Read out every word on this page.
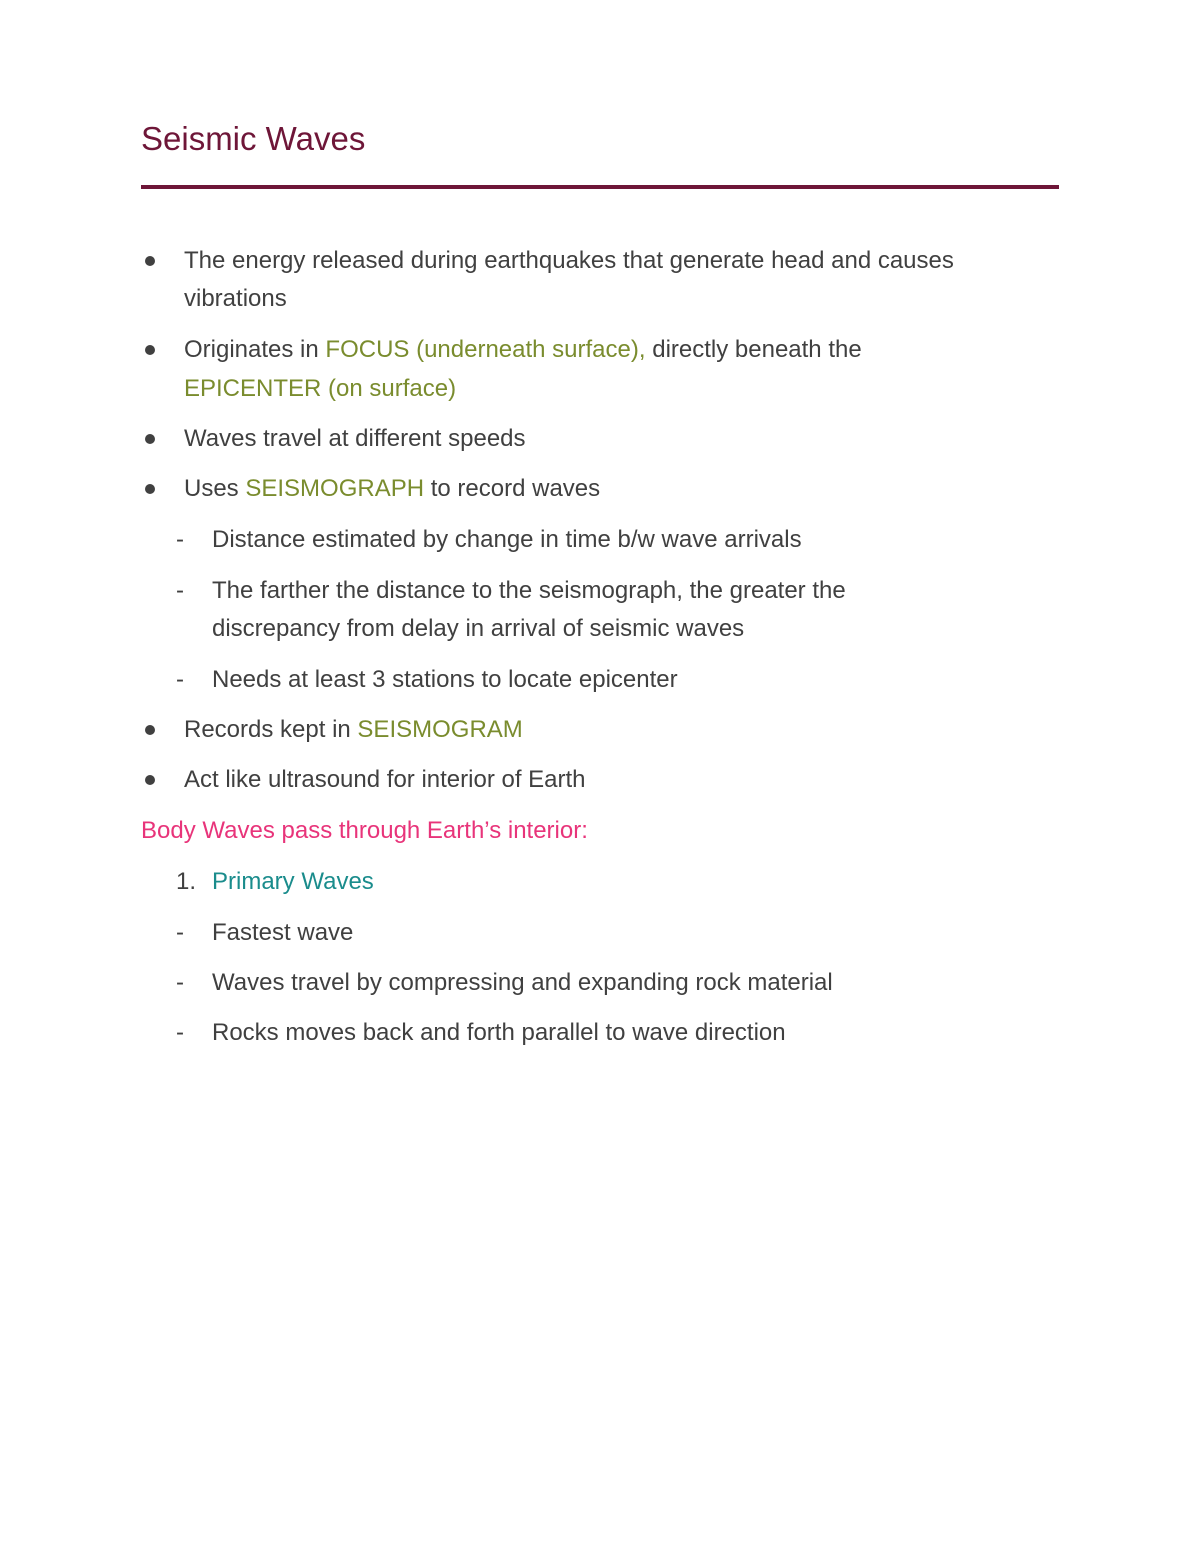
Seismic Waves
The energy released during earthquakes that generate head and causes
vibrations
Originates in FOCUS (underneath surface), directly beneath the
EPICENTER (on surface)
Waves travel at different speeds
Uses SEISMOGRAPH to record waves
- Distance estimated by change in time b/w wave arrivals
- The farther the distance to the seismograph, the greater the
discrepancy from delay in arrival of seismic waves
- Needs at least 3 stations to locate epicenter
Records kept in SEISMOGRAM
Act like ultrasound for interior of Earth
Body Waves pass through Earth’s interior:
1. Primary Waves
- Fastest wave
- Waves travel by compressing and expanding rock material
- Rocks moves back and forth parallel to wave direction
